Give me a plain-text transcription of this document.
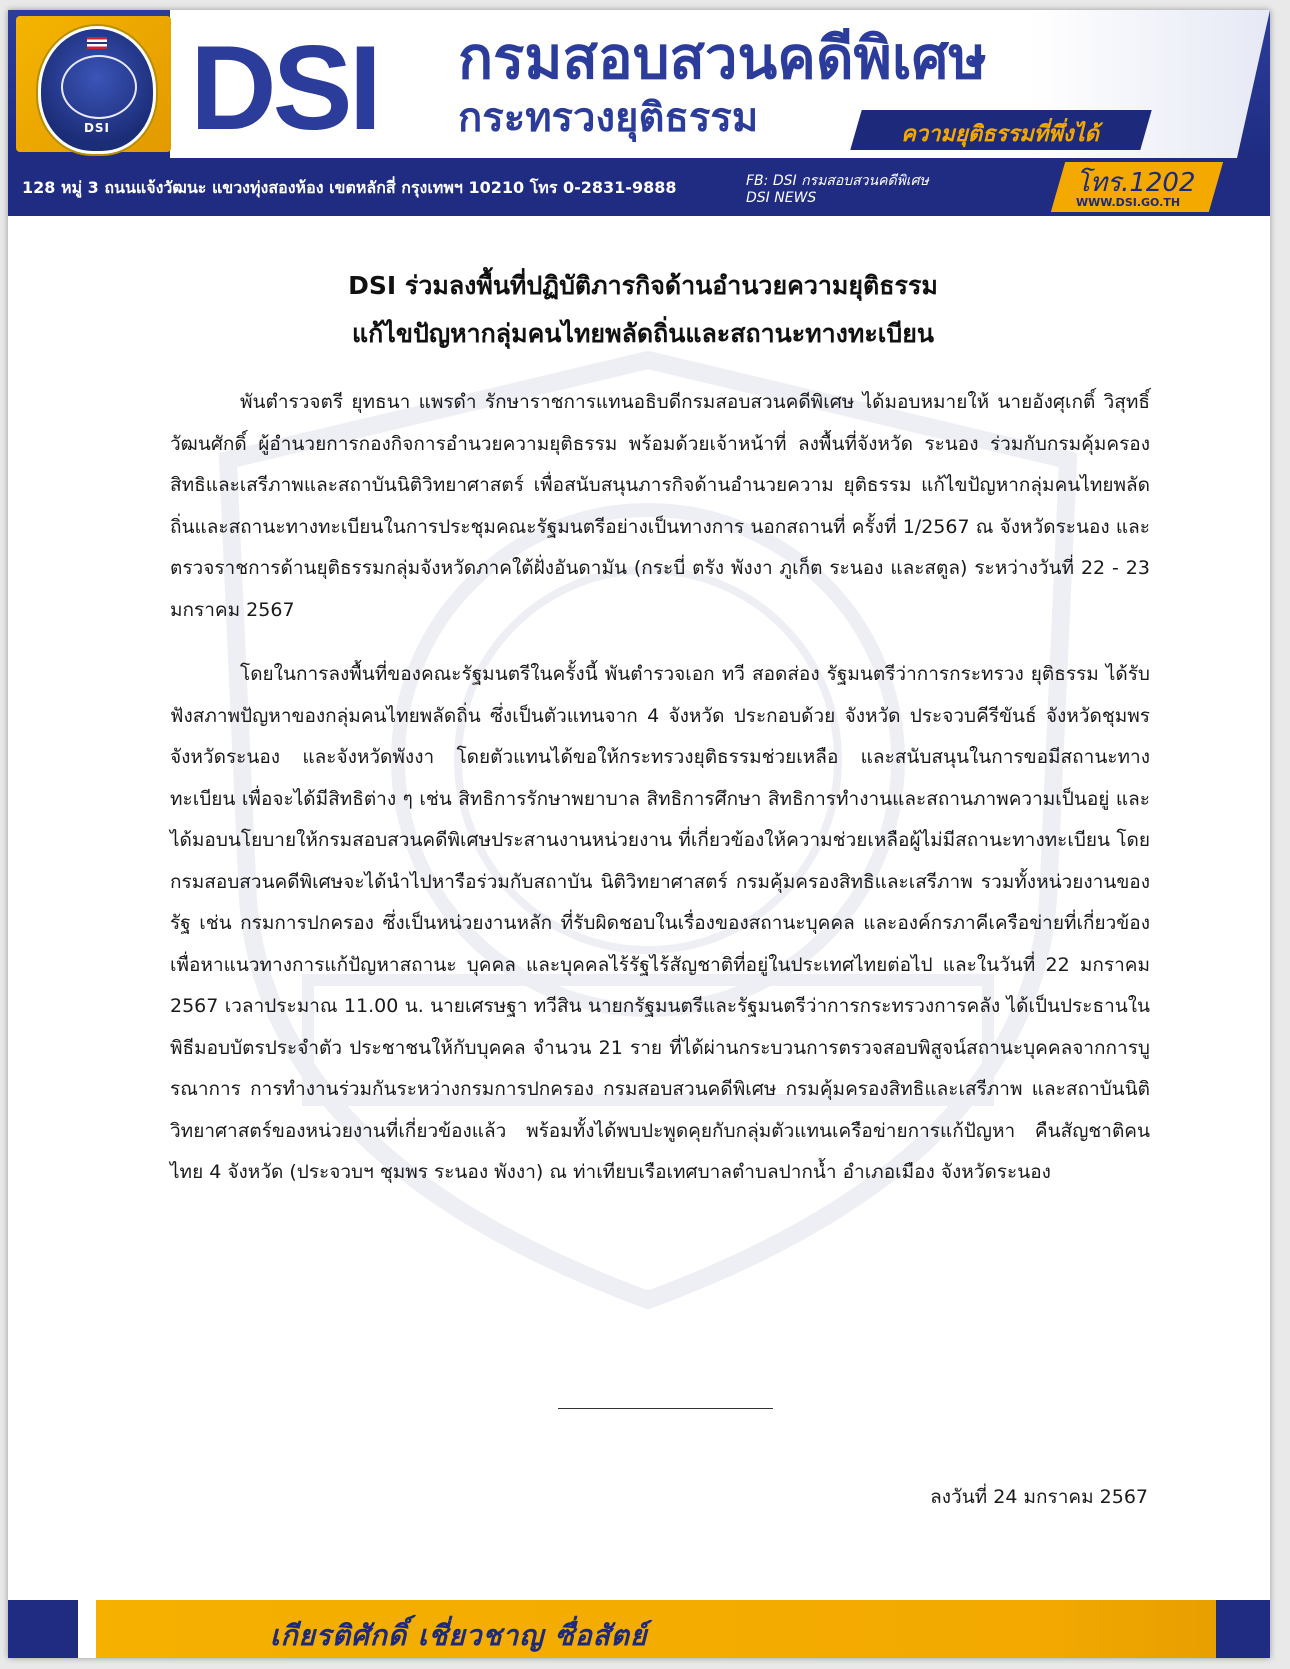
DSI DSI กรมสอบสวนคดีพิเศษ
กระทรวงยุติธรรม	ความยุติธรรมที่พึ่งได้
128 หมู่ 3 ถนนแจ้งวัฒนะ แขวงทุ่งสองห้อง เขตหลักสี่ กรุงเทพฯ 10210 โทร 0-2831-9888	FB: DSI กรมสอบสวนคดีพิเศษ
DSI NEWS	โทร.1202
WWW.DSI.GO.TH
DSI ร่วมลงพื้นที่ปฏิบัติภารกิจด้านอำนวยความยุติธรรม
แก้ไขปัญหากลุ่มคนไทยพลัดถิ่นและสถานะทางทะเบียน
พันตำรวจตรี ยุทธนา แพรดำ รักษาราชการแทนอธิบดีกรมสอบสวนคดีพิเศษ ได้มอบหมายให้ นายอังศุเกติ์ วิสุทธิ์วัฒนศักดิ์ ผู้อำนวยการกองกิจการอำนวยความยุติธรรม พร้อมด้วยเจ้าหน้าที่ ลงพื้นที่จังหวัด ระนอง ร่วมกับกรมคุ้มครองสิทธิและเสรีภาพและสถาบันนิติวิทยาศาสตร์ เพื่อสนับสนุนภารกิจด้านอำนวยความ ยุติธรรม แก้ไขปัญหากลุ่มคนไทยพลัดถิ่นและสถานะทางทะเบียนในการประชุมคณะรัฐมนตรีอย่างเป็นทางการ นอกสถานที่ ครั้งที่ 1/2567 ณ จังหวัดระนอง และตรวจราชการด้านยุติธรรมกลุ่มจังหวัดภาคใต้ฝั่งอันดามัน (กระบี่ ตรัง พังงา ภูเก็ต ระนอง และสตูล) ระหว่างวันที่ 22 - 23 มกราคม 2567
โดยในการลงพื้นที่ของคณะรัฐมนตรีในครั้งนี้ พันตำรวจเอก ทวี สอดส่อง รัฐมนตรีว่าการกระทรวง ยุติธรรม ได้รับฟังสภาพปัญหาของกลุ่มคนไทยพลัดถิ่น ซึ่งเป็นตัวแทนจาก 4 จังหวัด ประกอบด้วย จังหวัด ประจวบคีรีขันธ์ จังหวัดชุมพร จังหวัดระนอง และจังหวัดพังงา โดยตัวแทนได้ขอให้กระทรวงยุติธรรมช่วยเหลือ และสนับสนุนในการขอมีสถานะทางทะเบียน เพื่อจะได้มีสิทธิต่าง ๆ เช่น สิทธิการรักษาพยาบาล สิทธิการศึกษา สิทธิการทำงานและสถานภาพความเป็นอยู่ และได้มอบนโยบายให้กรมสอบสวนคดีพิเศษประสานงานหน่วยงาน ที่เกี่ยวข้องให้ความช่วยเหลือผู้ไม่มีสถานะทางทะเบียน โดยกรมสอบสวนคดีพิเศษจะได้นำไปหารือร่วมกับสถาบัน นิติวิทยาศาสตร์ กรมคุ้มครองสิทธิและเสรีภาพ รวมทั้งหน่วยงานของรัฐ เช่น กรมการปกครอง ซึ่งเป็นหน่วยงานหลัก ที่รับผิดชอบในเรื่องของสถานะบุคคล และองค์กรภาคีเครือข่ายที่เกี่ยวข้อง เพื่อหาแนวทางการแก้ปัญหาสถานะ บุคคล และบุคคลไร้รัฐไร้สัญชาติที่อยู่ในประเทศไทยต่อไป และในวันที่ 22 มกราคม 2567 เวลาประมาณ 11.00 น. นายเศรษฐา ทวีสิน นายกรัฐมนตรีและรัฐมนตรีว่าการกระทรวงการคลัง ได้เป็นประธานในพิธีมอบบัตรประจำตัว ประชาชนให้กับบุคคล จำนวน 21 ราย ที่ได้ผ่านกระบวนการตรวจสอบพิสูจน์สถานะบุคคลจากการบูรณาการ การทำงานร่วมกันระหว่างกรมการปกครอง กรมสอบสวนคดีพิเศษ กรมคุ้มครองสิทธิและเสรีภาพ และสถาบันนิติ วิทยาศาสตร์ของหน่วยงานที่เกี่ยวข้องแล้ว พร้อมทั้งได้พบปะพูดคุยกับกลุ่มตัวแทนเครือข่ายการแก้ปัญหา คืนสัญชาติคนไทย 4 จังหวัด (ประจวบฯ ชุมพร ระนอง พังงา) ณ ท่าเทียบเรือเทศบาลตำบลปากน้ำ อำเภอเมือง จังหวัดระนอง
ลงวันที่ 24 มกราคม 2567
เกียรติศักดิ์ เชี่ยวชาญ ซื่อสัตย์
